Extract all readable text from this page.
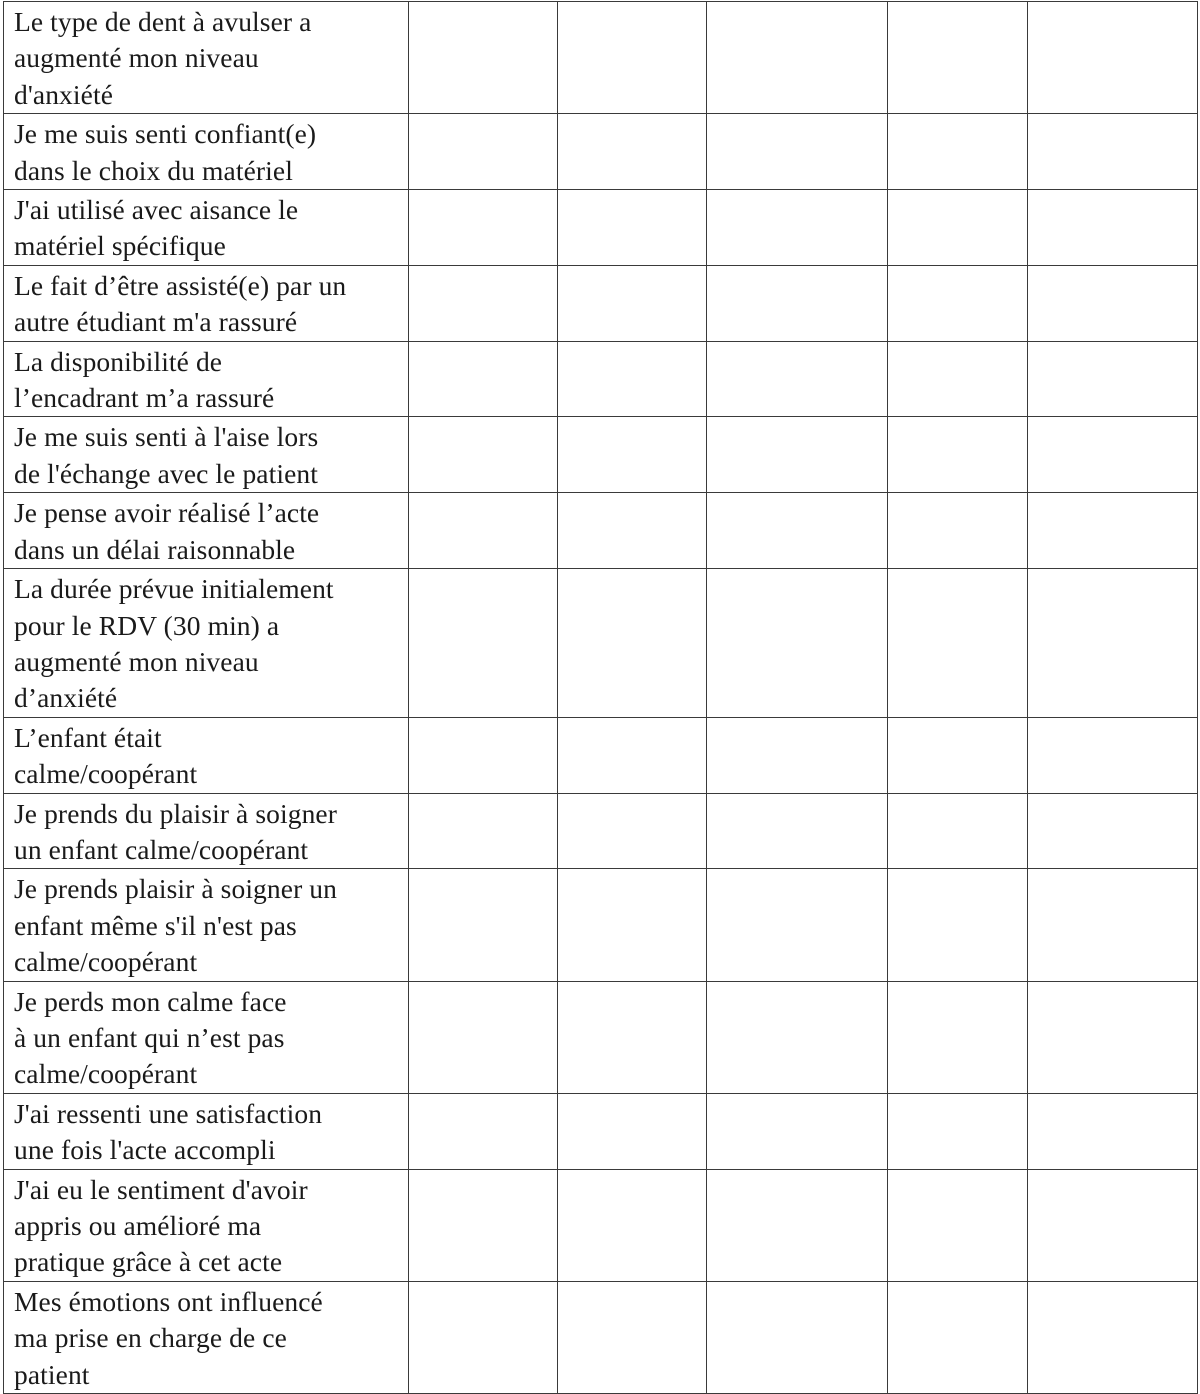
Le type de dent à avulser a
augmenté mon niveau
d'anxiété					

Je me suis senti confiant(e)
dans le choix du matériel					

J'ai utilisé avec aisance le
matériel spécifique					

Le fait d’être assisté(e) par un
autre étudiant m'a rassuré					

La disponibilité de
l’encadrant m’a rassuré					

Je me suis senti à l'aise lors
de l'échange avec le patient					

Je pense avoir réalisé l’acte
dans un délai raisonnable					

La durée prévue initialement
pour le RDV (30 min) a
augmenté mon niveau
d’anxiété					

L’enfant était
calme/coopérant					

Je prends du plaisir à soigner
un enfant calme/coopérant					

Je prends plaisir à soigner un
enfant même s'il n'est pas
calme/coopérant					

Je perds mon calme face
à un enfant qui n’est pas
calme/coopérant					

J'ai ressenti une satisfaction
une fois l'acte accompli					

J'ai eu le sentiment d'avoir
appris ou amélioré ma
pratique grâce à cet acte					

Mes émotions ont influencé
ma prise en charge de ce
patient					
